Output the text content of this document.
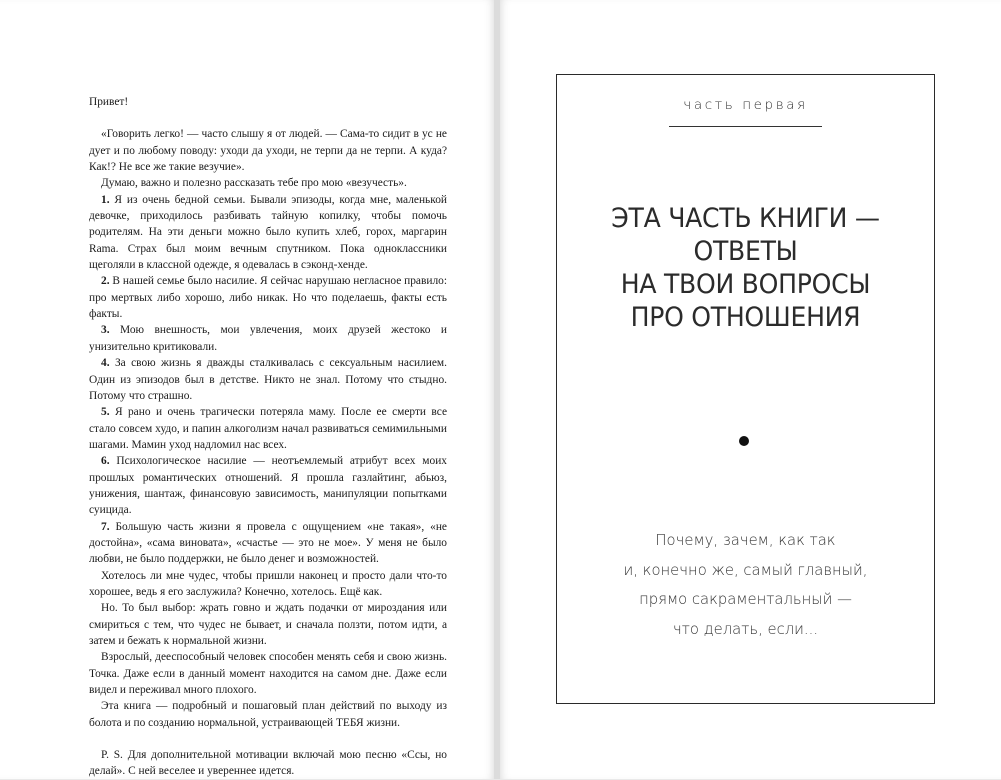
Привет!

«Говорить легко! — часто слышу я от людей. — Сама-то сидит в ус не дует и по любому поводу: уходи да уходи, не терпи да не терпи. А куда? Как!? Не все же такие везучие».

Думаю, важно и полезно рассказать тебе про мою «везучесть».

1. Я из очень бедной семьи. Бывали эпизоды, когда мне, маленькой девочке, приходилось разбивать тайную копилку, чтобы помочь родителям. На эти деньги можно было купить хлеб, горох, маргарин Rama. Страх был моим вечным спутником. Пока одноклассники щеголяли в классной одежде, я одевалась в сэконд-хенде.

2. В нашей семье было насилие. Я сейчас нарушаю негласное правило: про мертвых либо хорошо, либо никак. Но что поделаешь, факты есть факты.

3. Мою внешность, мои увлечения, моих друзей жестоко и унизительно критиковали.

4. За свою жизнь я дважды сталкивалась с сексуальным насилием. Один из эпизодов был в детстве. Никто не знал. Потому что стыдно. Потому что страшно.

5. Я рано и очень трагически потеряла маму. После ее смерти все стало совсем худо, и папин алкоголизм начал развиваться семимильными шагами. Мамин уход надломил нас всех.

6. Психологическое насилие — неотъемлемый атрибут всех моих прошлых романтических отношений. Я прошла газлайтинг, абьюз, унижения, шантаж, финансовую зависимость, манипуляции попытками суицида.

7. Большую часть жизни я провела с ощущением «не такая», «не достойна», «сама виновата», «счастье — это не мое». У меня не было любви, не было поддержки, не было денег и возможностей.

Хотелось ли мне чудес, чтобы пришли наконец и просто дали что-то хорошее, ведь я его заслужила? Конечно, хотелось. Ещё как.

Но. То был выбор: жрать говно и ждать подачки от мироздания или смириться с тем, что чудес не бывает, и сначала ползти, потом идти, а затем и бежать к нормальной жизни.

Взрослый, дееспособный человек способен менять себя и свою жизнь. Точка. Даже если в данный момент находится на самом дне. Даже если видел и переживал много плохого.

Эта книга — подробный и пошаговый план действий по выходу из болота и по созданию нормальной, устраивающей ТЕБЯ жизни.

P. S. Для дополнительной мотивации включай мою песню «Ссы, но делай». С ней веселее и увереннее идется.

часть первая
ЭТА ЧАСТЬ КНИГИ —
ОТВЕТЫ
НА ТВОИ ВОПРОСЫ
ПРО ОТНОШЕНИЯ
Почему, зачем, как так
и, конечно же, самый главный,
прямо сакраментальный —
что делать, если...
